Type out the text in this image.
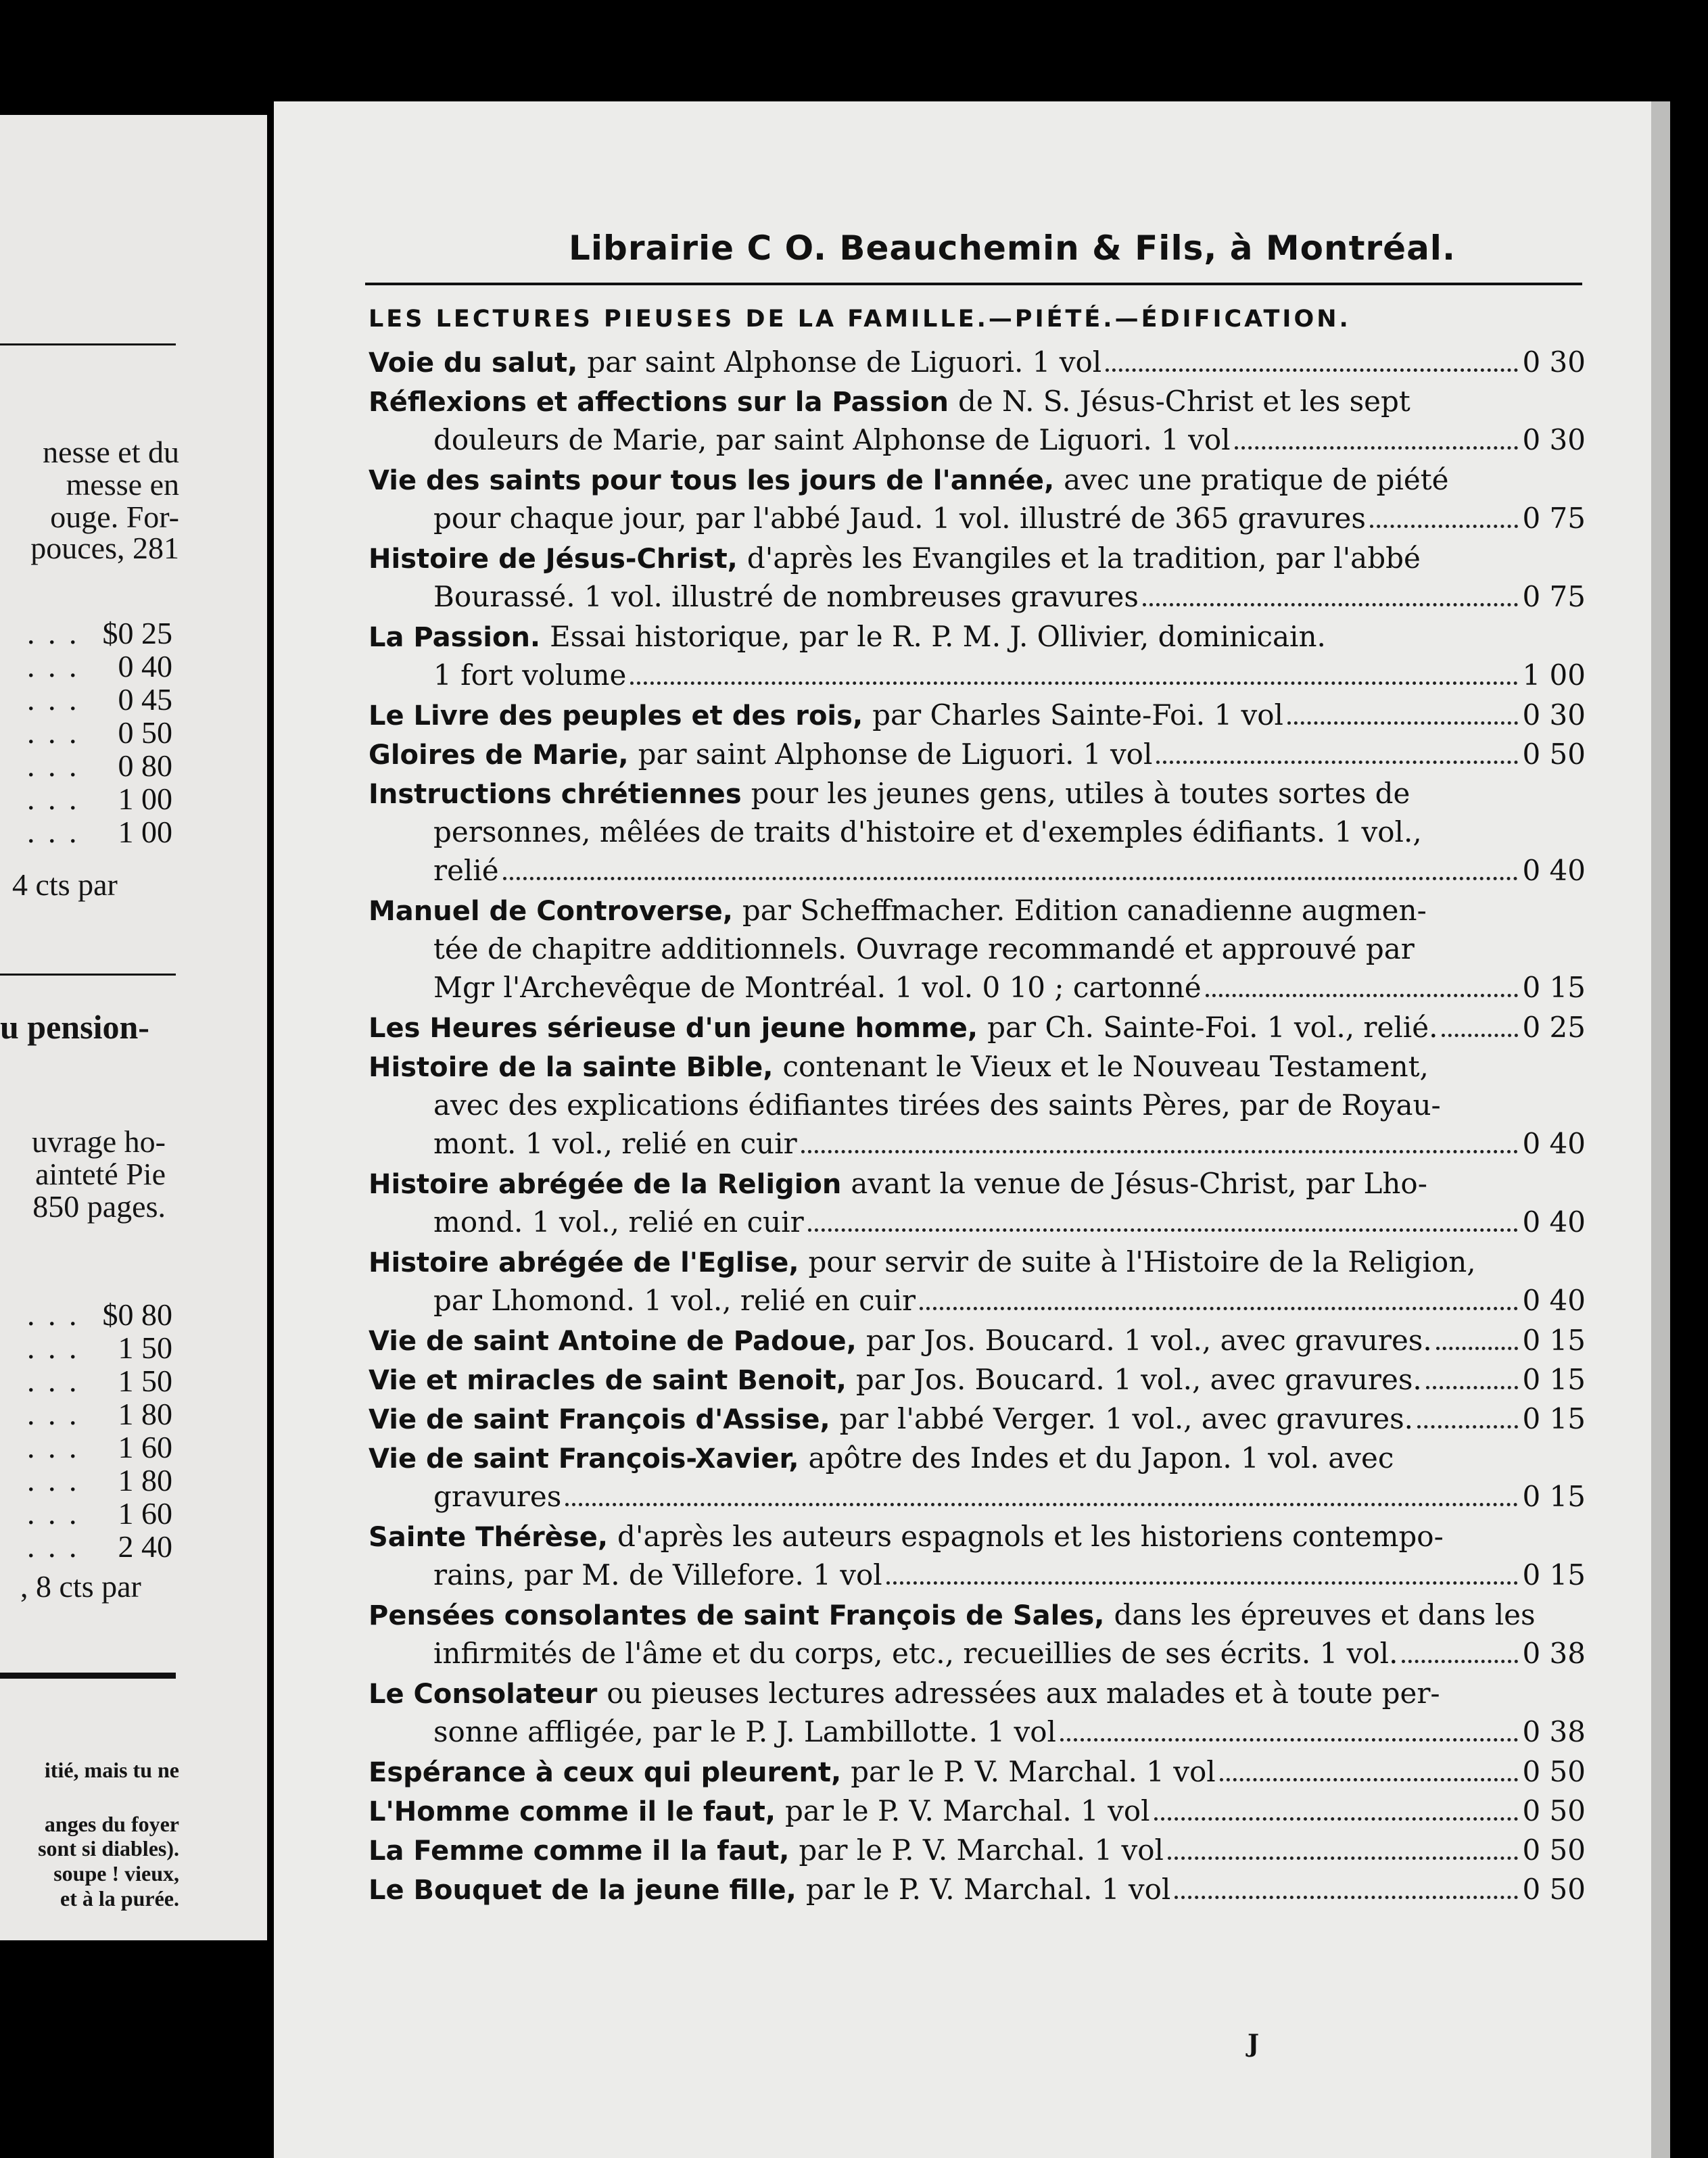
nesse et du
messe en
ouge. For-
pouces, 281
. . . $0 25
. . . 0 40
. . . 0 45
. . . 0 50
. . . 0 80
. . . 1 00
. . . 1 00
4 cts par
u pension-
uvrage ho-
ainteté Pie
850 pages.
. . . $0 80
. . . 1 50
. . . 1 50
. . . 1 80
. . . 1 60
. . . 1 80
. . . 1 60
. . . 2 40
, 8 cts par
itié, mais tu ne
anges du foyer
sont si diables).
soupe ! vieux,
et à la purée.
Librairie C O. Beauchemin & Fils, à Montréal.
LES LECTURES PIEUSES DE LA FAMILLE.—PIÉTÉ.—ÉDIFICATION.
Voie du salut, par saint Alphonse de Liguori. 1 vol	0 30
Réflexions et affections sur la Passion de N. S. Jésus-Christ et les sept
douleurs de Marie, par saint Alphonse de Liguori. 1 vol	0 30
Vie des saints pour tous les jours de l'année, avec une pratique de piété
pour chaque jour, par l'abbé Jaud. 1 vol. illustré de 365 gravures	0 75
Histoire de Jésus-Christ, d'après les Evangiles et la tradition, par l'abbé
Bourassé. 1 vol. illustré de nombreuses gravures	0 75
La Passion. Essai historique, par le R. P. M. J. Ollivier, dominicain.
1 fort volume	1 00
Le Livre des peuples et des rois, par Charles Sainte-Foi. 1 vol	0 30
Gloires de Marie, par saint Alphonse de Liguori. 1 vol	0 50
Instructions chrétiennes pour les jeunes gens, utiles à toutes sortes de
personnes, mêlées de traits d'histoire et d'exemples édifiants. 1 vol.,
relié	0 40
Manuel de Controverse, par Scheffmacher. Edition canadienne augmen-
tée de chapitre additionnels. Ouvrage recommandé et approuvé par
Mgr l'Archevêque de Montréal. 1 vol. 0 10 ; cartonné	0 15
Les Heures sérieuse d'un jeune homme, par Ch. Sainte-Foi. 1 vol., relié.	0 25
Histoire de la sainte Bible, contenant le Vieux et le Nouveau Testament,
avec des explications édifiantes tirées des saints Pères, par de Royau-
mont. 1 vol., relié en cuir	0 40
Histoire abrégée de la Religion avant la venue de Jésus-Christ, par Lho-
mond. 1 vol., relié en cuir	0 40
Histoire abrégée de l'Eglise, pour servir de suite à l'Histoire de la Religion,
par Lhomond. 1 vol., relié en cuir	0 40
Vie de saint Antoine de Padoue, par Jos. Boucard. 1 vol., avec gravures.	0 15
Vie et miracles de saint Benoit, par Jos. Boucard. 1 vol., avec gravures.	0 15
Vie de saint François d'Assise, par l'abbé Verger. 1 vol., avec gravures.	0 15
Vie de saint François-Xavier, apôtre des Indes et du Japon. 1 vol. avec
gravures	0 15
Sainte Thérèse, d'après les auteurs espagnols et les historiens contempo-
rains, par M. de Villefore. 1 vol	0 15
Pensées consolantes de saint François de Sales, dans les épreuves et dans les
infirmités de l'âme et du corps, etc., recueillies de ses écrits. 1 vol.	0 38
Le Consolateur ou pieuses lectures adressées aux malades et à toute per-
sonne affligée, par le P. J. Lambillotte. 1 vol	0 38
Espérance à ceux qui pleurent, par le P. V. Marchal. 1 vol	0 50
L'Homme comme il le faut, par le P. V. Marchal. 1 vol	0 50
La Femme comme il la faut, par le P. V. Marchal. 1 vol	0 50
Le Bouquet de la jeune fille, par le P. V. Marchal. 1 vol	0 50
J
